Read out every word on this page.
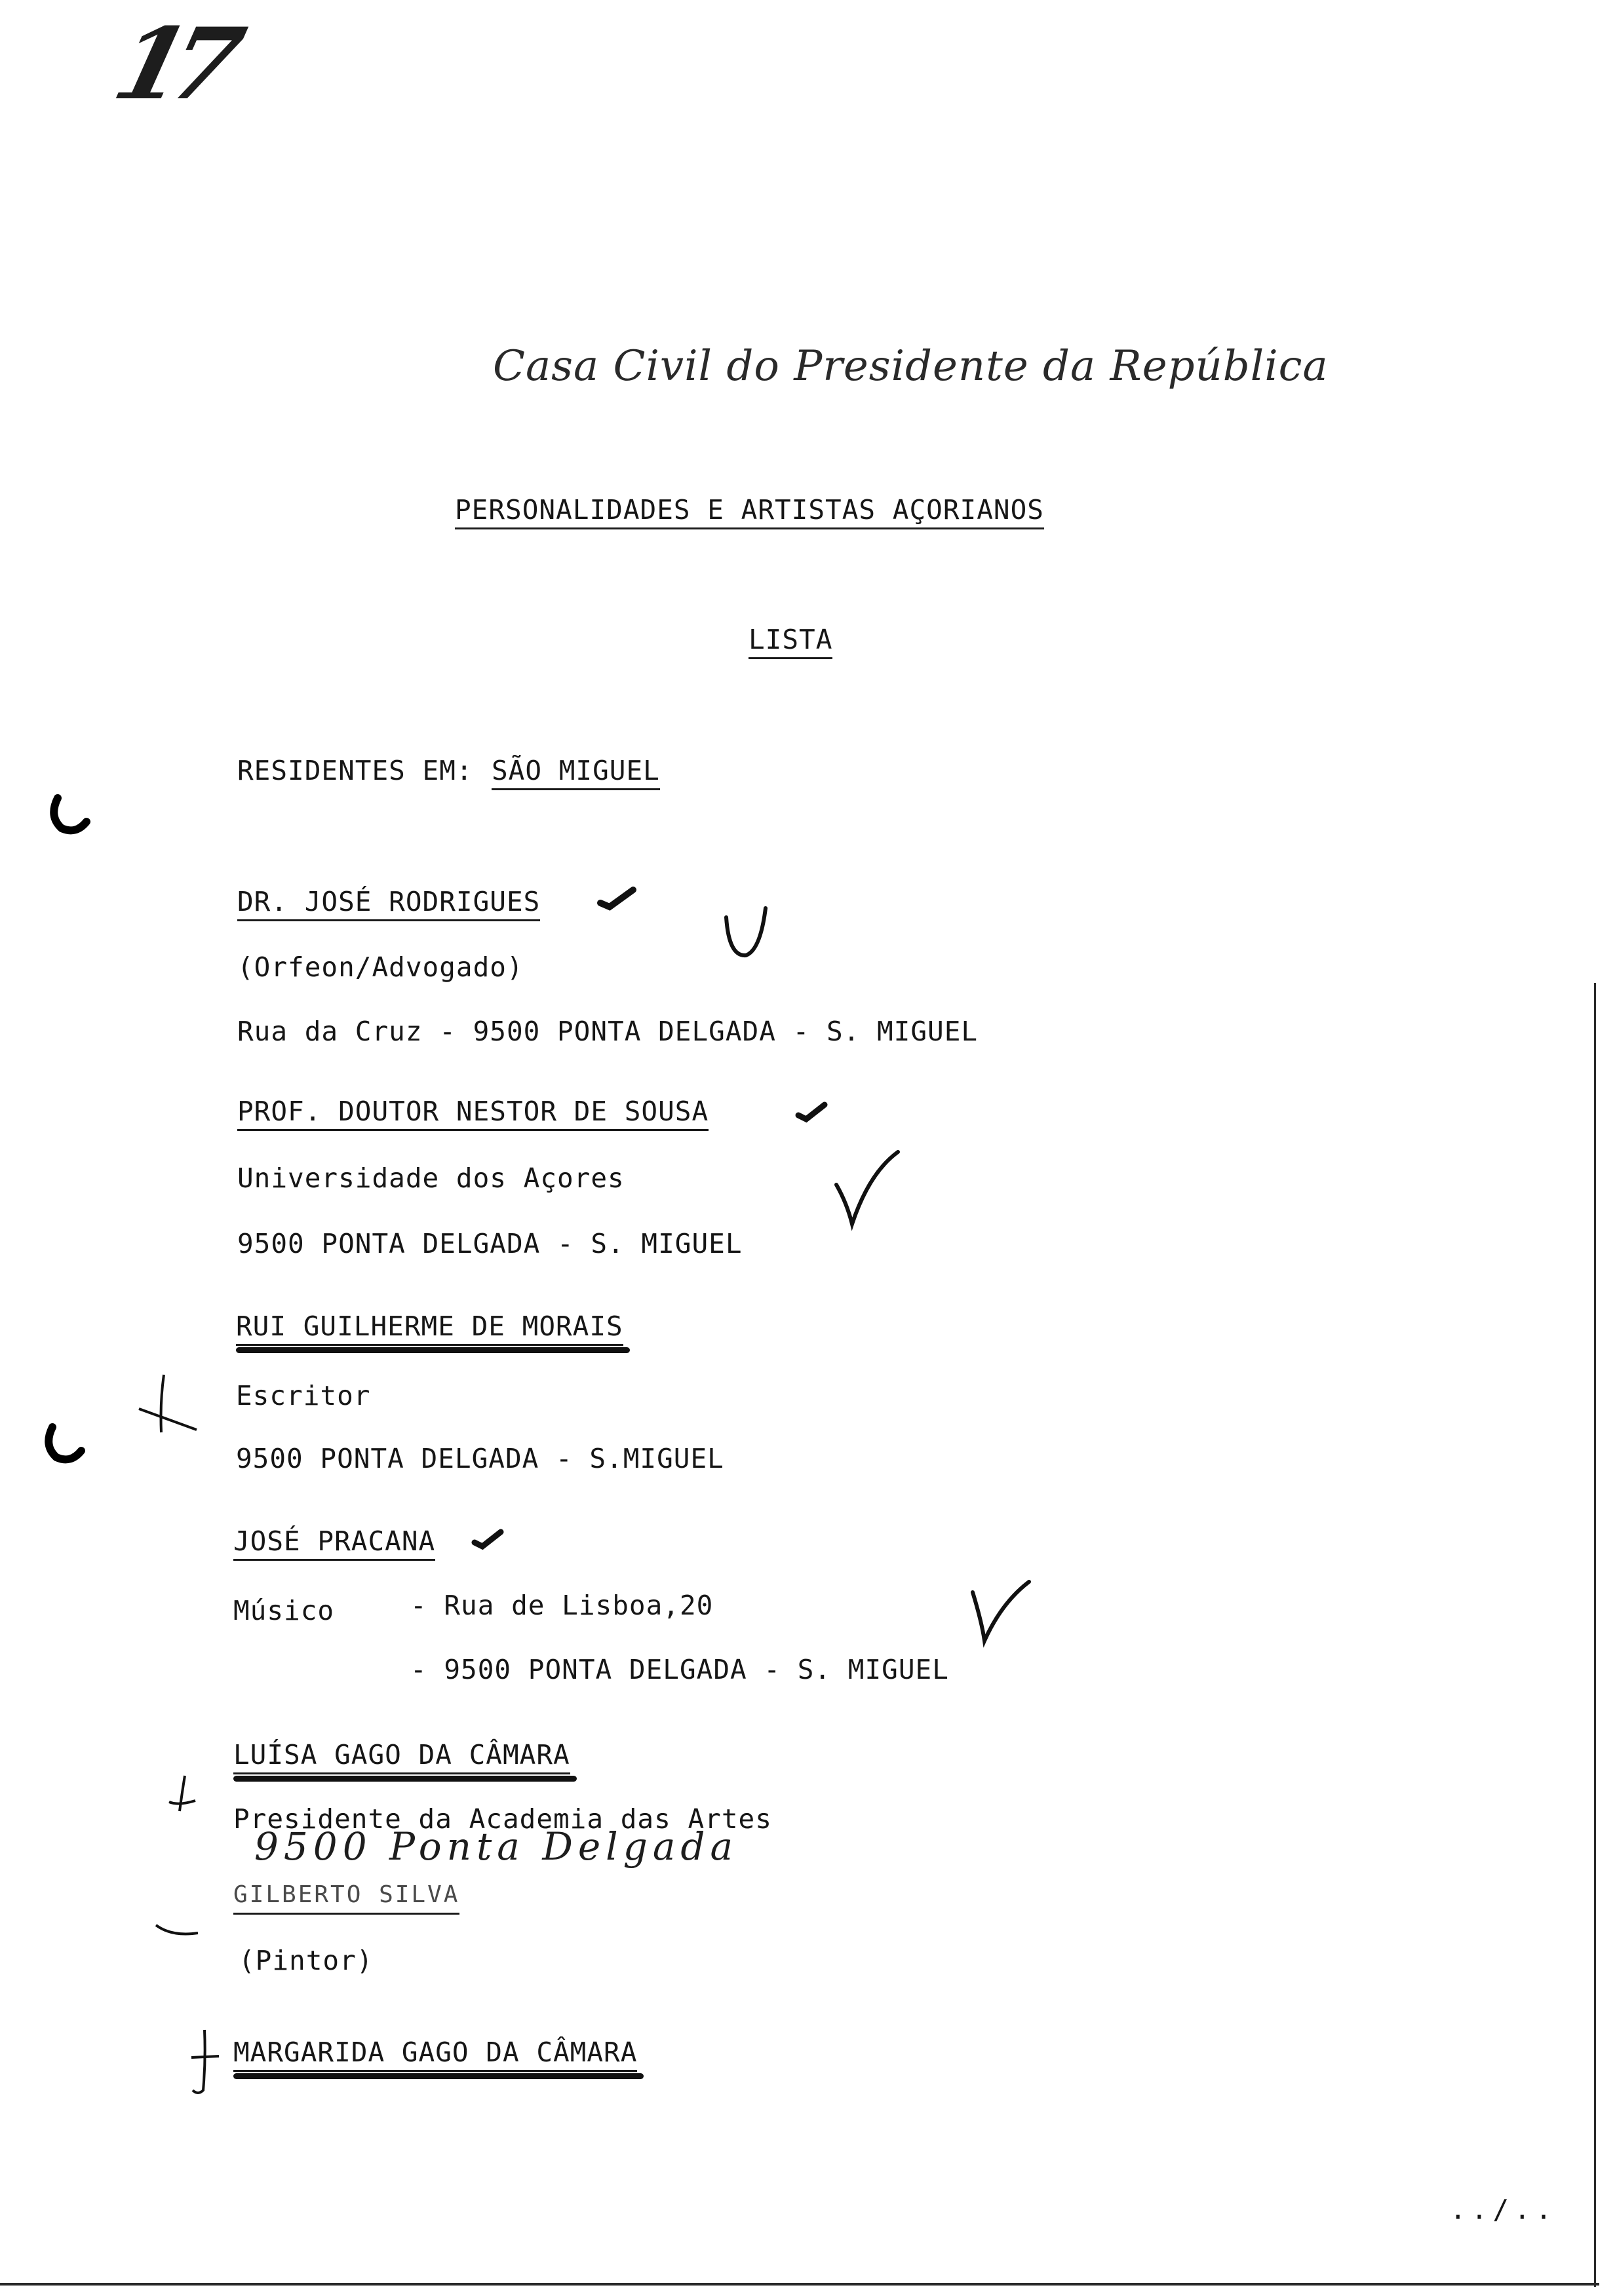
17
Casa Civil do Presidente da República
PERSONALIDADES E ARTISTAS AÇORIANOS
LISTA
RESIDENTES EM: SÃO MIGUEL
DR. JOSÉ RODRIGUES
(Orfeon/Advogado)
Rua da Cruz - 9500 PONTA DELGADA - S. MIGUEL
PROF. DOUTOR NESTOR DE SOUSA
Universidade dos Açores
9500 PONTA DELGADA - S. MIGUEL
RUI GUILHERME DE MORAIS
Escritor
9500 PONTA DELGADA - S.MIGUEL
JOSÉ PRACANA
Músico	- Rua de Lisboa,20
- 9500 PONTA DELGADA - S. MIGUEL
LUÍSA GAGO DA CÂMARA
Presidente da Academia das Artes
9500 Ponta Delgada
GILBERTO SILVA
(Pintor)
MARGARIDA GAGO DA CÂMARA
../..
